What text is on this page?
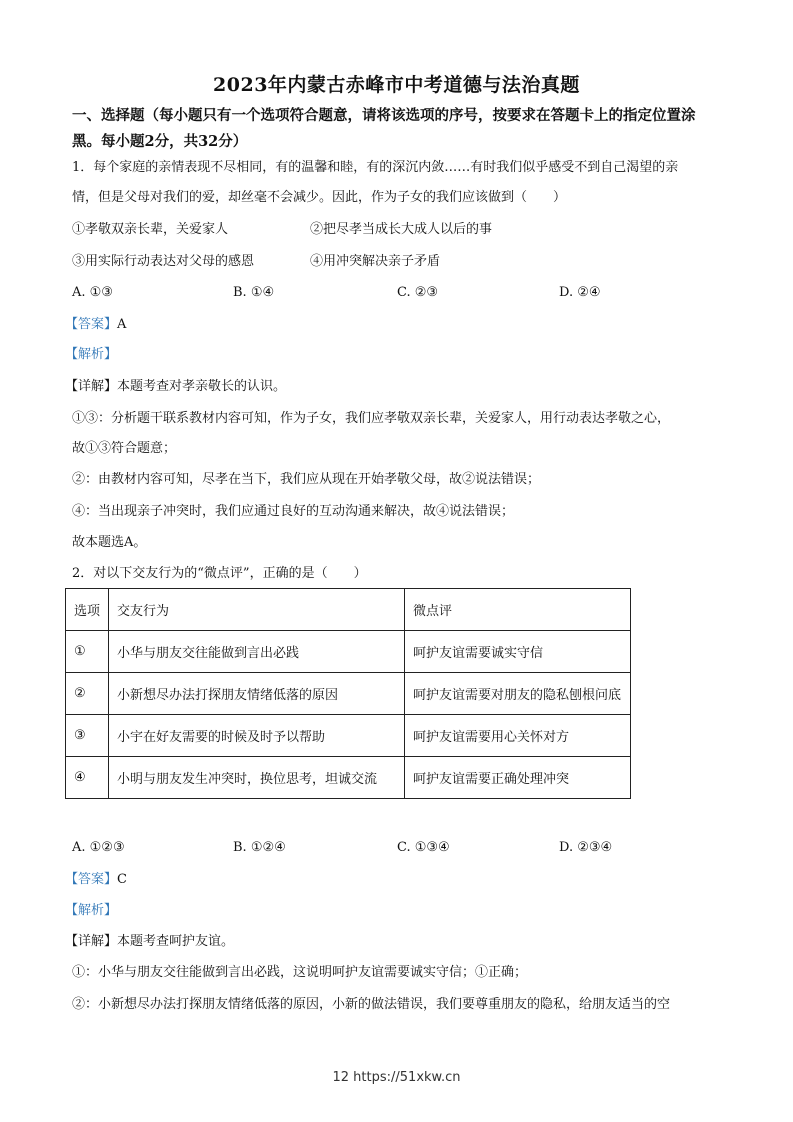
2023年内蒙古赤峰市中考道德与法治真题
一、选择题（每小题只有一个选项符合题意，请将该选项的序号，按要求在答题卡上的指定位置涂黑。每小题2分，共32分）
1．每个家庭的亲情表现不尽相同，有的温馨和睦，有的深沉内敛……有时我们似乎感受不到自己渴望的亲
情，但是父母对我们的爱，却丝毫不会减少。因此，作为子女的我们应该做到（　　）
①孝敬双亲长辈，关爱家人	②把尽孝当成长大成人以后的事
③用实际行动表达对父母的感恩	④用冲突解决亲子矛盾
A. ①③	B. ①④	C. ②③	D. ②④
【答案】A
【解析】
【详解】本题考查对孝亲敬长的认识。
①③：分析题干联系教材内容可知，作为子女，我们应孝敬双亲长辈，关爱家人，用行动表达孝敬之心，
故①③符合题意；
②：由教材内容可知，尽孝在当下，我们应从现在开始孝敬父母，故②说法错误；
④：当出现亲子冲突时，我们应通过良好的互动沟通来解决，故④说法错误；
故本题选A。
2．对以下交友行为的“微点评”，正确的是（　　）
选项	交友行为	微点评
①	小华与朋友交往能做到言出必践	呵护友谊需要诚实守信
②	小新想尽办法打探朋友情绪低落的原因	呵护友谊需要对朋友的隐私刨根问底
③	小宇在好友需要的时候及时予以帮助	呵护友谊需要用心关怀对方
④	小明与朋友发生冲突时，换位思考，坦诚交流	呵护友谊需要正确处理冲突
A. ①②③	B. ①②④	C. ①③④	D. ②③④
【答案】C
【解析】
【详解】本题考查呵护友谊。
①：小华与朋友交往能做到言出必践，这说明呵护友谊需要诚实守信；①正确；
②：小新想尽办法打探朋友情绪低落的原因，小新的做法错误，我们要尊重朋友的隐私，给朋友适当的空
12 https://51xkw.cn
